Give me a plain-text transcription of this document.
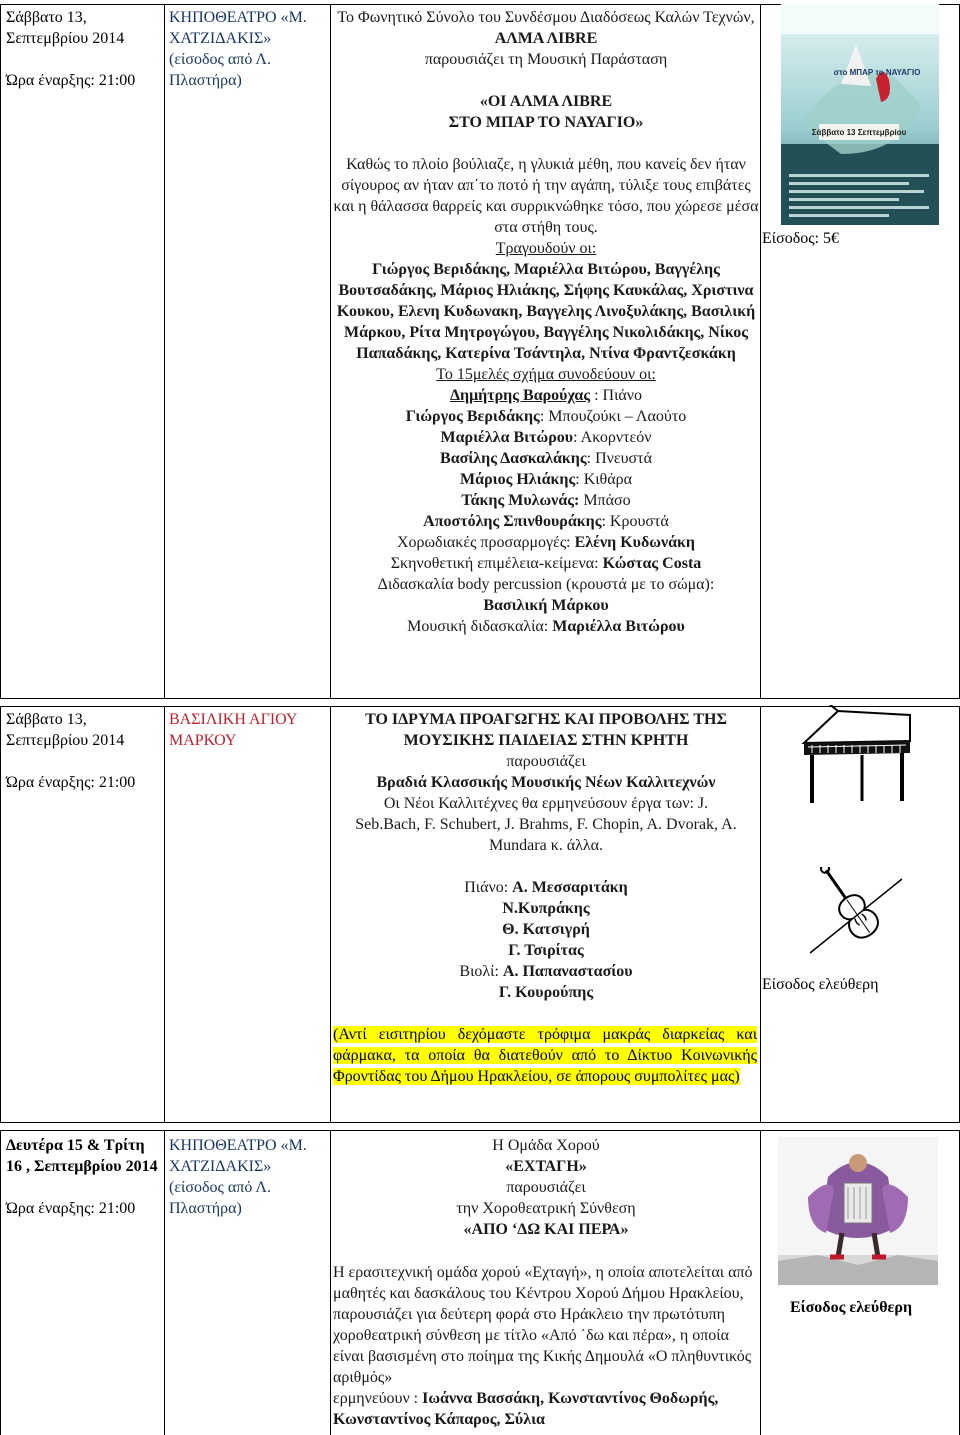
Σάββατο 13, Σεπτεμβρίου 2014
Ώρα έναρξης: 21:00
ΚΗΠΟΘΕΑΤΡΟ «Μ. ΧΑΤΖΙΔΑΚΙΣ» (είσοδος από Λ. Πλαστήρα)
Το Φωνητικό Σύνολο του Συνδέσμου Διαδόσεως Καλών Τεχνών,
ΑΛΜΑ ΛΙΒRΕ
παρουσιάζει τη Μουσική Παράσταση
«ΟΙ ΑΛΜΑ ΛΙΒRΕ
ΣΤΟ ΜΠΑΡ ΤΟ ΝΑΥΑΓΙΟ»
Καθώς το πλοίο βούλιαζε, η γλυκιά μέθη, που κανείς δεν ήταν σίγουρος αν ήταν απ΄το ποτό ή την αγάπη, τύλιξε τους επιβάτες και η θάλασσα θαρρείς και συρρικνώθηκε τόσο, που χώρεσε μέσα στα στήθη τους.
Τραγουδούν οι:
Γιώργος Βεριδάκης, Μαριέλλα Βιτώρου, Βαγγέλης Βουτσαδάκης, Μάριος Ηλιάκης, Σήφης Καυκάλας, Χριστινα Κουκου, Ελενη Κυδωνακη, Βαγγελης Λινοξυλάκης, Βασιλική Μάρκου, Ρίτα Μητρογώγου, Βαγγέλης Νικολιδάκης, Νίκος Παπαδάκης, Κατερίνα Τσάντηλα, Ντίνα Φραντζεσκάκη
Το 15μελές σχήμα συνοδεύουν οι:
Δημήτρης Βαρούχας : Πιάνο
Γιώργος Βεριδάκης: Μπουζούκι – Λαούτο
Μαριέλλα Βιτώρου: Ακορντεόν
Βασίλης Δασκαλάκης: Πνευστά
Μάριος Ηλιάκης: Κιθάρα
Τάκης Μυλωνάς: Μπάσο
Αποστόλης Σπινθουράκης: Κρουστά
Χορωδιακές προσαρμογές: Ελένη Κυδωνάκη
Σκηνοθετική επιμέλεια-κείμενα: Κώστας Costa
Διδασκαλία body percussion (κρουστά με το σώμα):
Βασιλική Μάρκου
Μουσική διδασκαλία: Μαριέλλα Βιτώρου
στο ΜΠΑΡ το ΝΑΥΑΓΙΟ
Σάββατο 13 Σεπτεμβρίου
Είσοδος: 5€
Σάββατο 13, Σεπτεμβρίου 2014
Ώρα έναρξης: 21:00
ΒΑΣΙΛΙΚΗ ΑΓΙΟΥ ΜΑΡΚΟΥ
ΤΟ ΙΔΡΥΜΑ ΠΡΟΑΓΩΓΗΣ ΚΑΙ ΠΡΟΒΟΛΗΣ ΤΗΣ
ΜΟΥΣΙΚΗΣ ΠΑΙΔΕΙΑΣ ΣΤΗΝ ΚΡΗΤΗ
παρουσιάζει
Βραδιά Κλασσικής Μουσικής Νέων Καλλιτεχνών
Οι Νέοι Καλλιτέχνες θα ερμηνεύσουν έργα των: J. Seb.Bach, F. Schubert, J. Brahms, F. Chopin, A. Dvorak, A. Mundara κ. άλλα.
Πιάνο: Α. Μεσσαριτάκη
Ν.Κυπράκης
Θ. Κατσιγρή
Γ. Τσιρίτας
Βιολί: Α. Παπαναστασίου
Γ. Κουρούπης
(Αντί εισιτηρίου δεχόμαστε τρόφιμα μακράς διαρκείας και φάρμακα, τα οποία θα διατεθούν από το Δίκτυο Κοινωνικής Φροντίδας του Δήμου Ηρακλείου, σε άπορους συμπολίτες μας)
Είσοδος ελεύθερη
Δευτέρα 15 & Τρίτη 16 , Σεπτεμβρίου 2014
Ώρα έναρξης: 21:00
ΚΗΠΟΘΕΑΤΡΟ «Μ. ΧΑΤΖΙΔΑΚΙΣ» (είσοδος από Λ. Πλαστήρα)
Η Ομάδα Χορού
«ΕΧΤΑΓΗ»
παρουσιάζει
την Χοροθεατρική Σύνθεση
«ΑΠΟ ‘ΔΩ ΚΑΙ ΠΕΡΑ»
Η ερασιτεχνική ομάδα χορού «Εχταγή», η οποία αποτελείται από μαθητές και δασκάλους του Κέντρου Χορού Δήμου Ηρακλείου, παρουσιάζει για δεύτερη φορά στο Ηράκλειο την πρωτότυπη χοροθεατρική σύνθεση με τίτλο «Από ΄δω και πέρα», η οποία είναι βασισμένη στο ποίημα της Κικής Δημουλά «Ο πληθυντικός αριθμός»
ερμηνεύουν : Ιωάννα Βασσάκη, Κωνσταντίνος Θοδωρής, Κωνσταντίνος Κάπαρος, Σύλια
Είσοδος ελεύθερη
